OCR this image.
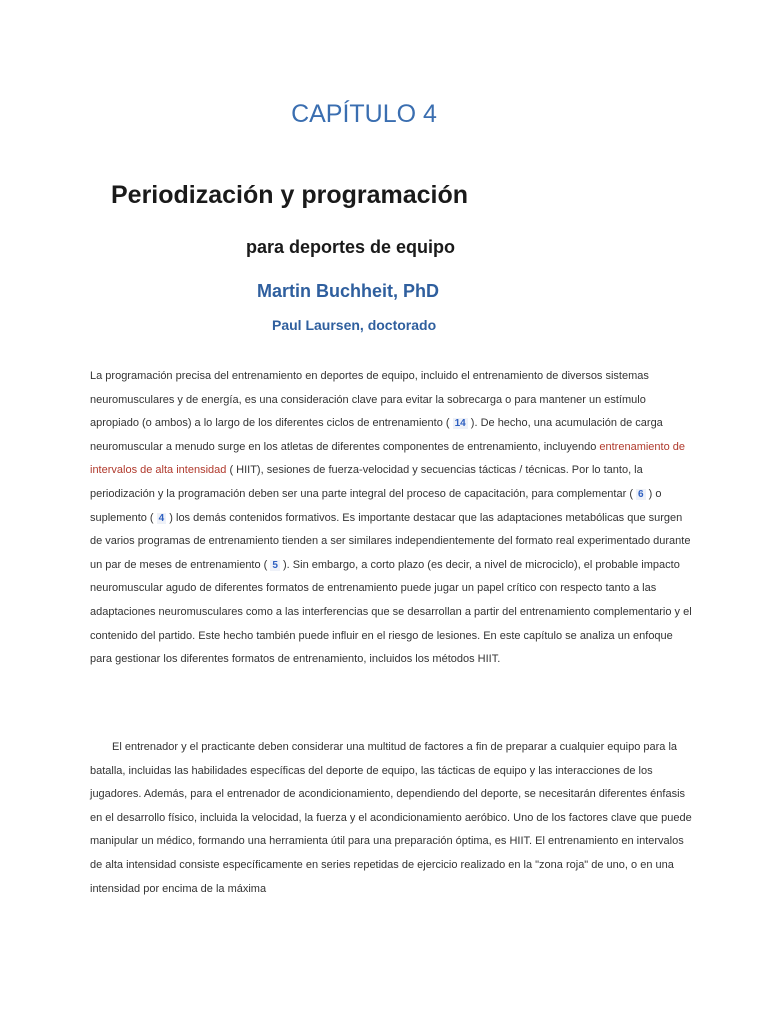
CAPÍTULO 4
Periodización y programación
para deportes de equipo
Martin Buchheit, PhD
Paul Laursen, doctorado
La programación precisa del entrenamiento en deportes de equipo, incluido el entrenamiento de diversos sistemas neuromusculares y de energía, es una consideración clave para evitar la sobrecarga o para mantener un estímulo apropiado (o ambos) a lo largo de los diferentes ciclos de entrenamiento ( 14 ). De hecho, una acumulación de carga neuromuscular a menudo surge en los atletas de diferentes componentes de entrenamiento, incluyendo entrenamiento de intervalos de alta intensidad ( HIIT), sesiones de fuerza-velocidad y secuencias tácticas / técnicas. Por lo tanto, la periodización y la programación deben ser una parte integral del proceso de capacitación, para complementar ( 6 ) o suplemento ( 4 ) los demás contenidos formativos. Es importante destacar que las adaptaciones metabólicas que surgen de varios programas de entrenamiento tienden a ser similares independientemente del formato real experimentado durante un par de meses de entrenamiento ( 5 ). Sin embargo, a corto plazo (es decir, a nivel de microciclo), el probable impacto neuromuscular agudo de diferentes formatos de entrenamiento puede jugar un papel crítico con respecto tanto a las adaptaciones neuromusculares como a las interferencias que se desarrollan a partir del entrenamiento complementario y el contenido del partido. Este hecho también puede influir en el riesgo de lesiones. En este capítulo se analiza un enfoque para gestionar los diferentes formatos de entrenamiento, incluidos los métodos HIIT.
El entrenador y el practicante deben considerar una multitud de factores a fin de preparar a cualquier equipo para la batalla, incluidas las habilidades específicas del deporte de equipo, las tácticas de equipo y las interacciones de los jugadores. Además, para el entrenador de acondicionamiento, dependiendo del deporte, se necesitarán diferentes énfasis en el desarrollo físico, incluida la velocidad, la fuerza y el acondicionamiento aeróbico. Uno de los factores clave que puede manipular un médico, formando una herramienta útil para una preparación óptima, es HIIT. El entrenamiento en intervalos de alta intensidad consiste específicamente en series repetidas de ejercicio realizado en la "zona roja" de uno, o en una intensidad por encima de la máxima
